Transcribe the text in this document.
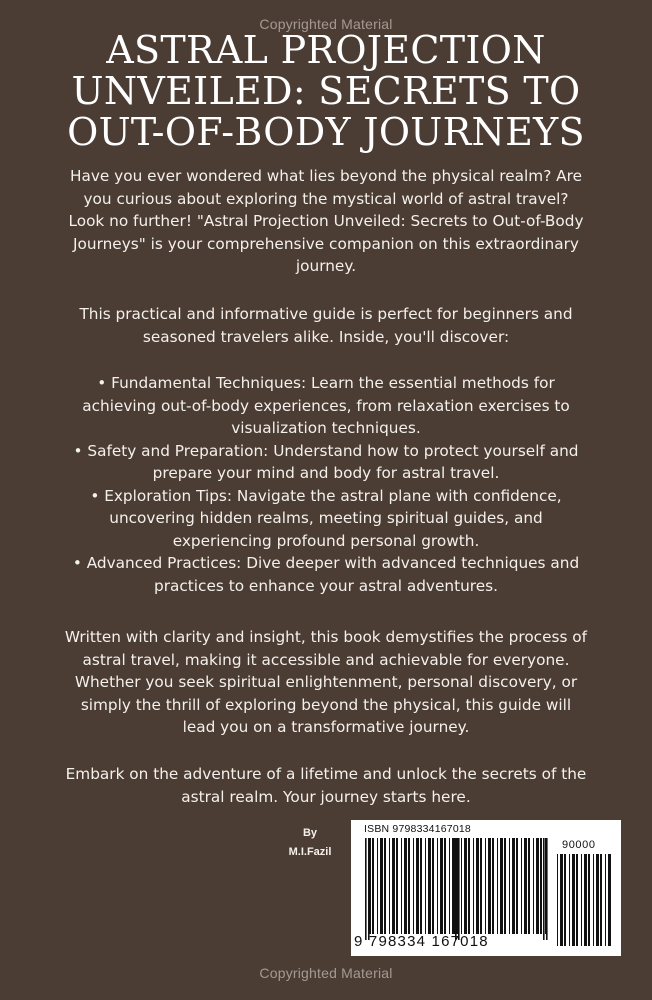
Copyrighted Material
ASTRAL PROJECTION
UNVEILED: SECRETS TO
OUT-OF-BODY JOURNEYS

Have you ever wondered what lies beyond the physical realm? Are

you curious about exploring the mystical world of astral travel?

Look no further! "Astral Projection Unveiled: Secrets to Out-of-Body

Journeys" is your comprehensive companion on this extraordinary

journey.

This practical and informative guide is perfect for beginners and

seasoned travelers alike. Inside, you'll discover:

• Fundamental Techniques: Learn the essential methods for

achieving out-of-body experiences, from relaxation exercises to

visualization techniques.

• Safety and Preparation: Understand how to protect yourself and

prepare your mind and body for astral travel.

• Exploration Tips: Navigate the astral plane with confidence,

uncovering hidden realms, meeting spiritual guides, and

experiencing profound personal growth.

• Advanced Practices: Dive deeper with advanced techniques and

practices to enhance your astral adventures.

Written with clarity and insight, this book demystifies the process of

astral travel, making it accessible and achievable for everyone.

Whether you seek spiritual enlightenment, personal discovery, or

simply the thrill of exploring beyond the physical, this guide will

lead you on a transformative journey.

Embark on the adventure of a lifetime and unlock the secrets of the

astral realm. Your journey starts here.

By
M.I.Fazil
ISBN 9798334167018
90000
9 798334 167018
Copyrighted Material
